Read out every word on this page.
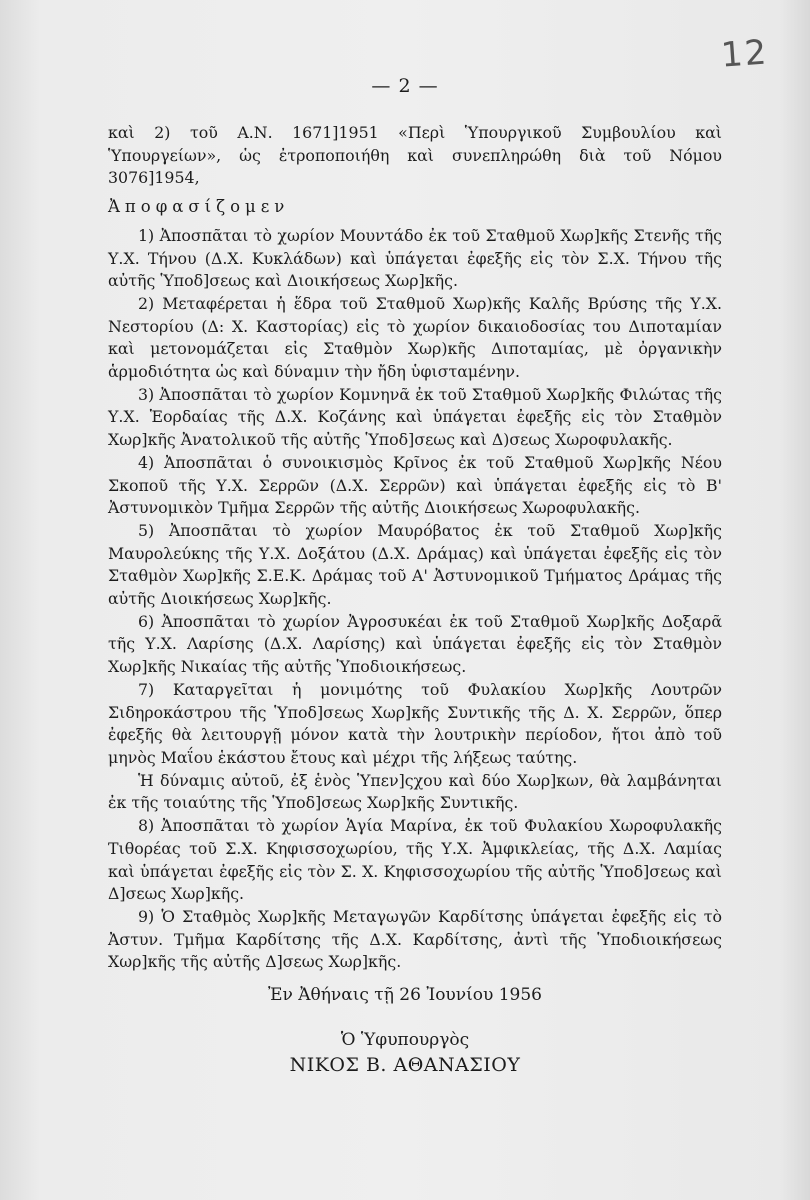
12
— 2 —

καὶ 2) τοῦ Α.Ν. 1671]1951 «Περὶ Ὑπουργικοῦ Συμβουλίου καὶ Ὑπουργείων», ὡς ἐτροποποιήθη καὶ συνεπληρώθη διὰ τοῦ Νόμου 3076]1954,

Ἀποφασίζομεν

1) Ἀποσπᾶται τὸ χωρίον Μουντάδο ἐκ τοῦ Σταθμοῦ Χωρ]κῆς Στενῆς τῆς Υ.Χ. Τήνου (Δ.Χ. Κυκλάδων) καὶ ὑπάγεται ἐφεξῆς εἰς τὸν Σ.Χ. Τήνου τῆς αὐτῆς Ὑποδ]σεως καὶ Διοικήσεως Χωρ]κῆς.

2) Μεταφέρεται ἡ ἕδρα τοῦ Σταθμοῦ Χωρ)κῆς Καλῆς Βρύσης τῆς Υ.Χ. Νεστορίου (Δ: Χ. Καστορίας) εἰς τὸ χωρίον δικαιοδοσίας του Διποταμίαν καὶ μετονομάζεται εἰς Σταθμὸν Χωρ)κῆς Διποταμίας, μὲ ὀργανικὴν ἁρμοδιότητα ὡς καὶ δύναμιν τὴν ἤδη ὑφισταμένην.

3) Ἀποσπᾶται τὸ χωρίον Κομνηνᾶ ἐκ τοῦ Σταθμοῦ Χωρ]κῆς Φιλώτας τῆς Υ.Χ. Ἑορδαίας τῆς Δ.Χ. Κοζάνης καὶ ὑπάγεται ἐφεξῆς εἰς τὸν Σταθμὸν Χωρ]κῆς Ἀνατολικοῦ τῆς αὐτῆς Ὑποδ]σεως καὶ Δ)σεως Χωροφυλακῆς.

4) Ἀποσπᾶται ὁ συνοικισμὸς Κρῖνος ἐκ τοῦ Σταθμοῦ Χωρ]κῆς Νέου Σκοποῦ τῆς Υ.Χ. Σερρῶν (Δ.Χ. Σερρῶν) καὶ ὑπάγεται ἐφεξῆς εἰς τὸ Β' Ἀστυνομικὸν Τμῆμα Σερρῶν τῆς αὐτῆς Διοικήσεως Χωροφυλακῆς.

5) Ἀποσπᾶται τὸ χωρίον Μαυρόβατος ἐκ τοῦ Σταθμοῦ Χωρ]κῆς Μαυρολεύκης τῆς Υ.Χ. Δοξάτου (Δ.Χ. Δράμας) καὶ ὑπάγεται ἐφεξῆς εἰς τὸν Σταθμὸν Χωρ]κῆς Σ.Ε.Κ. Δράμας τοῦ Α' Ἀστυνομικοῦ Τμήματος Δράμας τῆς αὐτῆς Διοικήσεως Χωρ]κῆς.

6) Ἀποσπᾶται τὸ χωρίον Ἀγροσυκέαι ἐκ τοῦ Σταθμοῦ Χωρ]κῆς Δοξαρᾶ τῆς Υ.Χ. Λαρίσης (Δ.Χ. Λαρίσης) καὶ ὑπάγεται ἐφεξῆς εἰς τὸν Σταθμὸν Χωρ]κῆς Νικαίας τῆς αὐτῆς Ὑποδιοικήσεως.

7) Καταργεῖται ἡ μονιμότης τοῦ Φυλακίου Χωρ]κῆς Λουτρῶν Σιδηροκάστρου τῆς Ὑποδ]σεως Χωρ]κῆς Συντικῆς τῆς Δ. Χ. Σερρῶν, ὅπερ ἐφεξῆς θὰ λειτουργῇ μόνον κατὰ τὴν λουτρικὴν περίοδον, ἤτοι ἀπὸ τοῦ μηνὸς Μαΐου ἑκάστου ἔτους καὶ μέχρι τῆς λήξεως ταύτης.

Ἡ δύναμις αὐτοῦ, ἐξ ἑνὸς Ὑπεν]ςχου καὶ δύο Χωρ]κων, θὰ λαμβάνηται ἐκ τῆς τοιαύτης τῆς Ὑποδ]σεως Χωρ]κῆς Συντικῆς.

8) Ἀποσπᾶται τὸ χωρίον Ἁγία Μαρίνα, ἐκ τοῦ Φυλακίου Χωροφυλακῆς Τιθορέας τοῦ Σ.Χ. Κηφισσοχωρίου, τῆς Υ.Χ. Ἀμφικλείας, τῆς Δ.Χ. Λαμίας καὶ ὑπάγεται ἐφεξῆς εἰς τὸν Σ. Χ. Κηφισσοχωρίου τῆς αὐτῆς Ὑποδ]σεως καὶ Δ]σεως Χωρ]κῆς.

9) Ὁ Σταθμὸς Χωρ]κῆς Μεταγωγῶν Καρδίτσης ὑπάγεται ἐφεξῆς εἰς τὸ Ἀστυν. Τμῆμα Καρδίτσης τῆς Δ.Χ. Καρδίτσης, ἀντὶ τῆς Ὑποδιοικήσεως Χωρ]κῆς τῆς αὐτῆς Δ]σεως Χωρ]κῆς.

Ἐν Ἀθήναις τῇ 26 Ἰουνίου 1956
Ὁ Ὑφυπουργὸς
ΝΙΚΟΣ Β. ΑΘΑΝΑΣΙΟΥ
